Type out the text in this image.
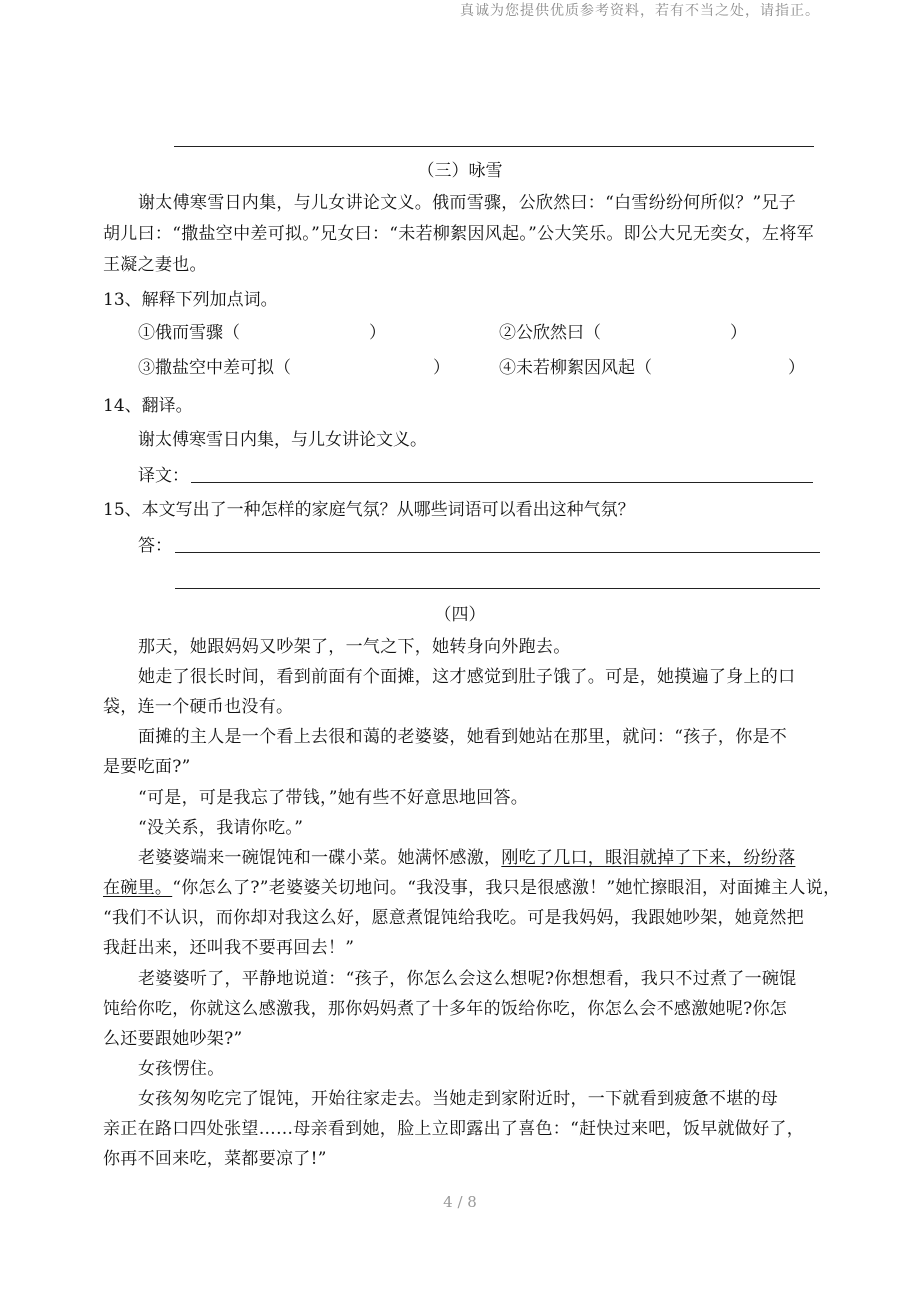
真诚为您提供优质参考资料，若有不当之处，请指正。
（三）咏雪
谢太傅寒雪日内集，与儿女讲论文义。俄而雪骤，公欣然曰：“白雪纷纷何所似？”兄子
胡儿曰：“撒盐空中差可拟。”兄女曰：“未若柳絮因风起。”公大笑乐。即公大兄无奕女，左将军
王凝之妻也。
13、解释下列加点词。
①俄而雪骤（	）	②公欣然曰（	）
③撒盐空中差可拟（	）	④未若柳絮因风起（	）
14、翻译。
谢太傅寒雪日内集，与儿女讲论文义。
译文：
15、本文写出了一种怎样的家庭气氛？从哪些词语可以看出这种气氛？
答：
（四）
那天，她跟妈妈又吵架了，一气之下，她转身向外跑去。
她走了很长时间，看到前面有个面摊，这才感觉到肚子饿了。可是，她摸遍了身上的口
袋，连一个硬币也没有。
面摊的主人是一个看上去很和蔼的老婆婆，她看到她站在那里，就问：“孩子，你是不
是要吃面?”
“可是，可是我忘了带钱，”她有些不好意思地回答。
“没关系，我请你吃。”
老婆婆端来一碗馄饨和一碟小菜。她满怀感激，刚吃了几口，眼泪就掉了下来，纷纷落
在碗里。“你怎么了?”老婆婆关切地问。“我没事，我只是很感激！”她忙擦眼泪，对面摊主人说，
“我们不认识，而你却对我这么好，愿意煮馄饨给我吃。可是我妈妈，我跟她吵架，她竟然把
我赶出来，还叫我不要再回去！”
老婆婆听了，平静地说道：“孩子，你怎么会这么想呢?你想想看，我只不过煮了一碗馄
饨给你吃，你就这么感激我，那你妈妈煮了十多年的饭给你吃，你怎么会不感激她呢?你怎
么还要跟她吵架?”
女孩愣住。
女孩匆匆吃完了馄饨，开始往家走去。当她走到家附近时，一下就看到疲惫不堪的母
亲正在路口四处张望……母亲看到她，脸上立即露出了喜色：“赶快过来吧，饭早就做好了，
你再不回来吃，菜都要凉了!”
4 / 8
